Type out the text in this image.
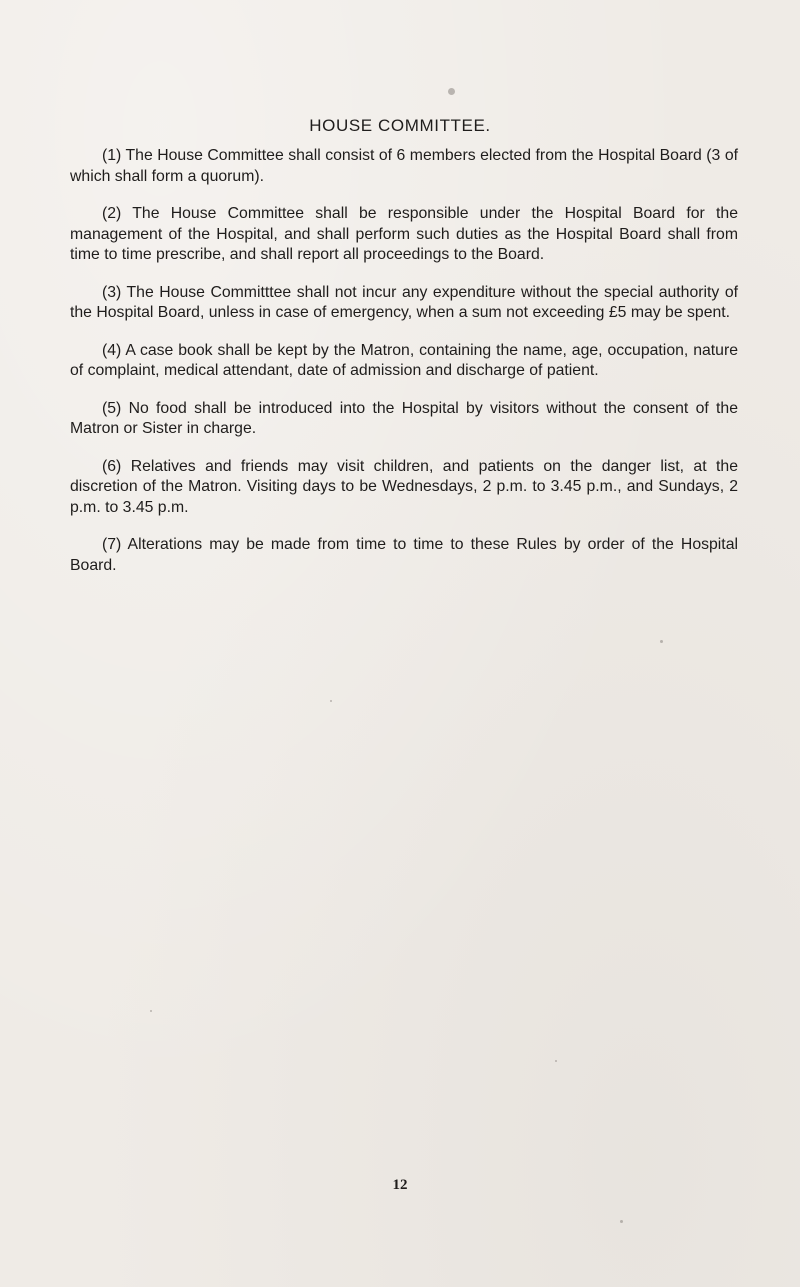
HOUSE COMMITTEE.

(1) The House Committee shall consist of 6 members elected from the Hospital Board (3 of which shall form a quorum).

(2) The House Committee shall be responsible under the Hospital Board for the management of the Hospital, and shall perform such duties as the Hospital Board shall from time to time prescribe, and shall report all proceedings to the Board.

(3) The House Committtee shall not incur any expenditure without the special authority of the Hospital Board, unless in case of emergency, when a sum not exceeding £5 may be spent.

(4) A case book shall be kept by the Matron, containing the name, age, occupation, nature of complaint, medical attendant, date of admission and discharge of patient.

(5) No food shall be introduced into the Hospital by visitors without the consent of the Matron or Sister in charge.

(6) Relatives and friends may visit children, and patients on the danger list, at the discretion of the Matron. Visiting days to be Wednesdays, 2 p.m. to 3.45 p.m., and Sundays, 2 p.m. to 3.45 p.m.

(7) Alterations may be made from time to time to these Rules by order of the Hospital Board.

12
